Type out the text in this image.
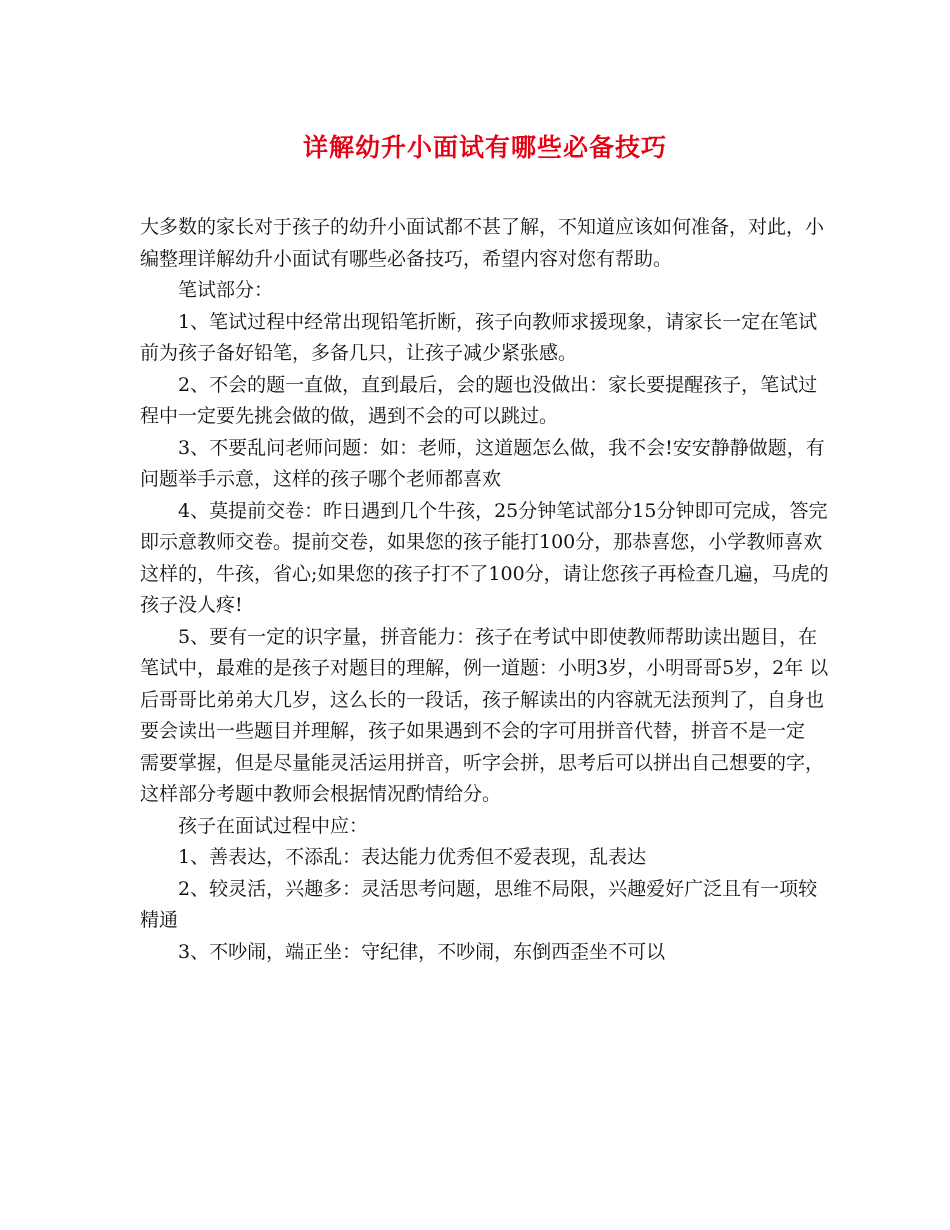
详解幼升小面试有哪些必备技巧

大多数的家长对于孩子的幼升小面试都不甚了解，不知道应该如何准备，对此，小编整理详解幼升小面试有哪些必备技巧，希望内容对您有帮助。

笔试部分：

1、笔试过程中经常出现铅笔折断，孩子向教师求援现象，请家长一定在笔试前为孩子备好铅笔，多备几只，让孩子减少紧张感。

2、不会的题一直做，直到最后，会的题也没做出：家长要提醒孩子，笔试过程中一定要先挑会做的做，遇到不会的可以跳过。

3、不要乱问老师问题：如：老师，这道题怎么做，我不会!安安静静做题，有问题举手示意，这样的孩子哪个老师都喜欢

4、莫提前交卷：昨日遇到几个牛孩，25分钟笔试部分15分钟即可完成，答完即示意教师交卷。提前交卷，如果您的孩子能打100分，那恭喜您，小学教师喜欢这样的，牛孩，省心;如果您的孩子打不了100分，请让您孩子再检查几遍，马虎的孩子没人疼!

5、要有一定的识字量，拼音能力：孩子在考试中即使教师帮助读出题目，在笔试中，最难的是孩子对题目的理解，例一道题：小明3岁，小明哥哥5岁，2年 以后哥哥比弟弟大几岁，这么长的一段话，孩子解读出的内容就无法预判了，自身也要会读出一些题目并理解，孩子如果遇到不会的字可用拼音代替，拼音不是一定 需要掌握，但是尽量能灵活运用拼音，听字会拼，思考后可以拼出自己想要的字，这样部分考题中教师会根据情况酌情给分。

孩子在面试过程中应：

1、善表达，不添乱：表达能力优秀但不爱表现，乱表达

2、较灵活，兴趣多：灵活思考问题，思维不局限，兴趣爱好广泛且有一项较精通

3、不吵闹，端正坐：守纪律，不吵闹，东倒西歪坐不可以
